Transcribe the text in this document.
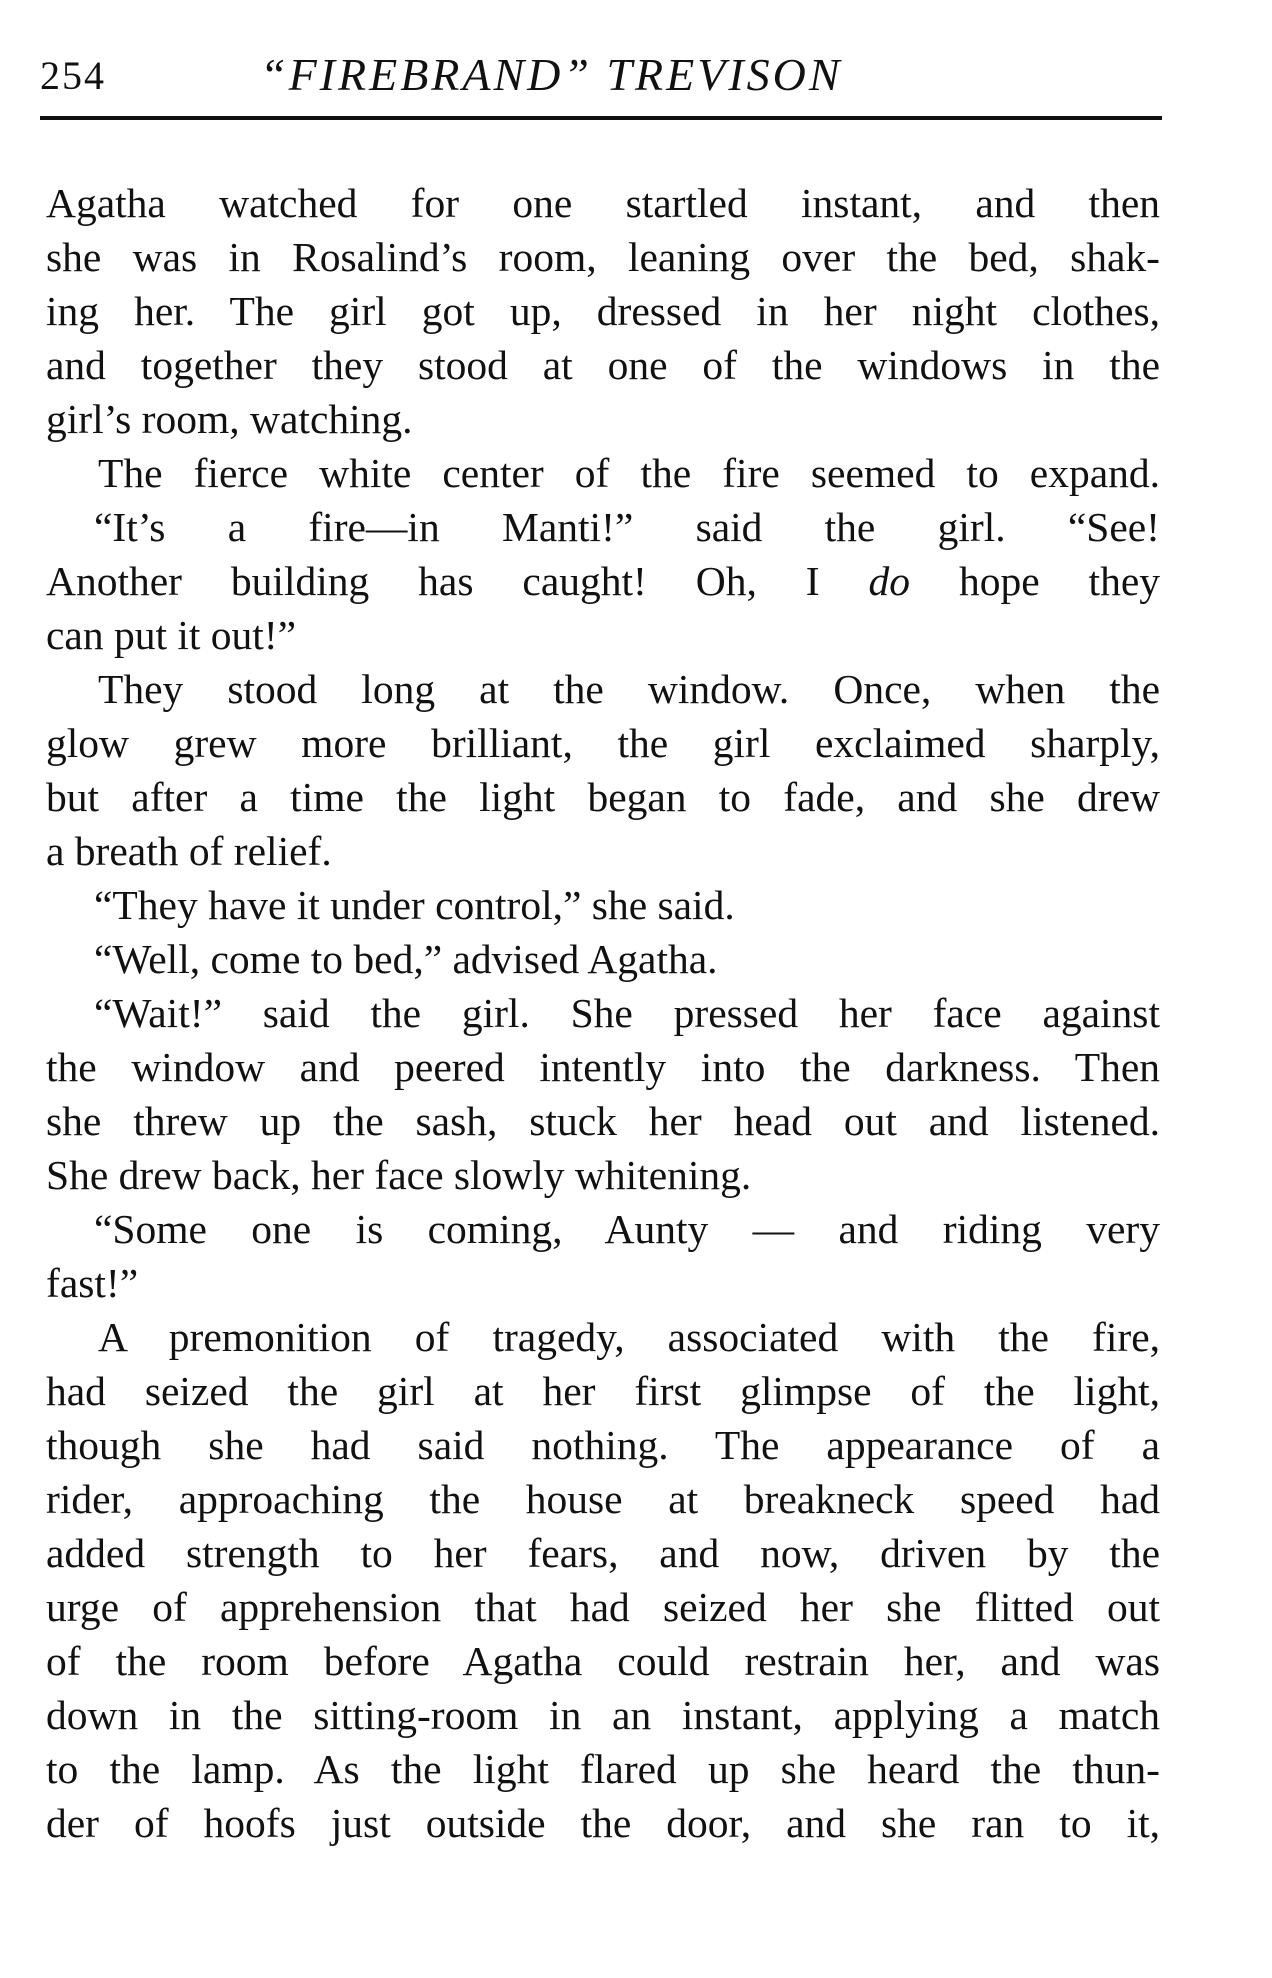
254	“FIREBRAND” TREVISON
Agatha watched for one startled instant, and then
she was in Rosalind’s room, leaning over the bed, shak-
ing her. The girl got up, dressed in her night clothes,
and together they stood at one of the windows in the
girl’s room, watching.
The fierce white center of the fire seemed to expand.
“It’s a fire—in Manti!” said the girl. “See!
Another building has caught! Oh, I do hope they
can put it out!”
They stood long at the window. Once, when the
glow grew more brilliant, the girl exclaimed sharply,
but after a time the light began to fade, and she drew
a breath of relief.
“They have it under control,” she said.
“Well, come to bed,” advised Agatha.
“Wait!” said the girl. She pressed her face against
the window and peered intently into the darkness. Then
she threw up the sash, stuck her head out and listened.
She drew back, her face slowly whitening.
“Some one is coming, Aunty — and riding very
fast!”
A premonition of tragedy, associated with the fire,
had seized the girl at her first glimpse of the light,
though she had said nothing. The appearance of a
rider, approaching the house at breakneck speed had
added strength to her fears, and now, driven by the
urge of apprehension that had seized her she flitted out
of the room before Agatha could restrain her, and was
down in the sitting-room in an instant, applying a match
to the lamp. As the light flared up she heard the thun-
der of hoofs just outside the door, and she ran to it,
